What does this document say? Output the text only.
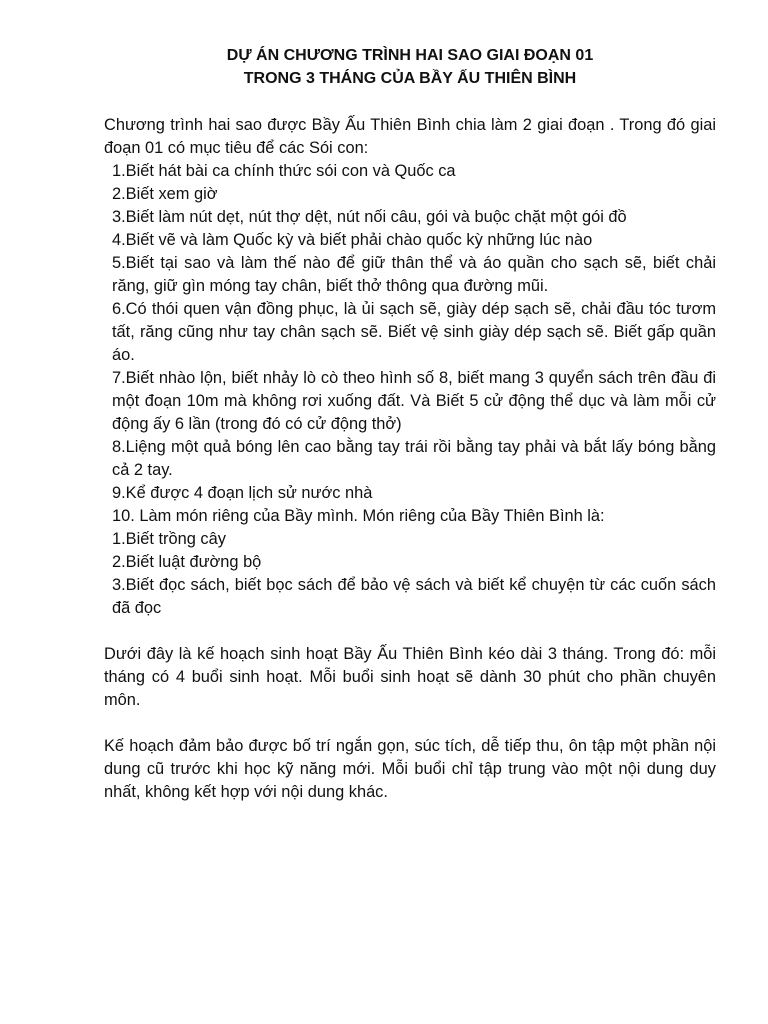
DỰ ÁN CHƯƠNG TRÌNH HAI SAO GIAI ĐOẠN 01
TRONG 3 THÁNG CỦA BẦY ẤU THIÊN BÌNH

Chương trình hai sao được Bầy Ấu Thiên Bình chia làm 2 giai đoạn . Trong đó giai đoạn 01 có mục tiêu để các Sói con:

1.Biết hát bài ca chính thức sói con và Quốc ca
2.Biết xem giờ
3.Biết làm nút dẹt, nút thợ dệt, nút nối câu, gói và buộc chặt một gói đồ
4.Biết vẽ và làm Quốc kỳ và biết phải chào quốc kỳ những lúc nào
5.Biết tại sao và làm thế nào để giữ thân thể và áo quần cho sạch sẽ, biết chải răng, giữ gìn móng tay chân, biết thở thông qua đường mũi.
6.Có thói quen vận đồng phục, là ủi sạch sẽ, giày dép sạch sẽ, chải đầu tóc tươm tất, răng cũng như tay chân sạch sẽ. Biết vệ sinh giày dép sạch sẽ. Biết gấp quần áo.
7.Biết nhào lộn, biết nhảy lò cò theo hình số 8, biết mang 3 quyển sách trên đầu đi một đoạn 10m mà không rơi xuống đất. Và Biết 5 cử động thể dục và làm mỗi cử động ấy 6 lần (trong đó có cử động thở)
8.Liệng một quả bóng lên cao bằng tay trái rồi bằng tay phải và bắt lấy bóng bằng cả 2 tay.
9.Kể được 4 đoạn lịch sử nước nhà
10. Làm món riêng của Bầy mình. Món riêng của Bầy Thiên Bình là:
1.Biết trồng cây
2.Biết luật đường bộ
3.Biết đọc sách, biết bọc sách để bảo vệ sách và biết kể chuyện từ các cuốn sách đã đọc

Dưới đây là kế hoạch sinh hoạt Bầy Ấu Thiên Bình kéo dài 3 tháng. Trong đó: mỗi tháng có 4 buổi sinh hoạt. Mỗi buổi sinh hoạt sẽ dành 30 phút cho phần chuyên môn.

Kế hoạch đảm bảo được bố trí ngắn gọn, súc tích, dễ tiếp thu, ôn tập một phần nội dung cũ trước khi học kỹ năng mới. Mỗi buổi chỉ tập trung vào một nội dung duy nhất, không kết hợp với nội dung khác.
